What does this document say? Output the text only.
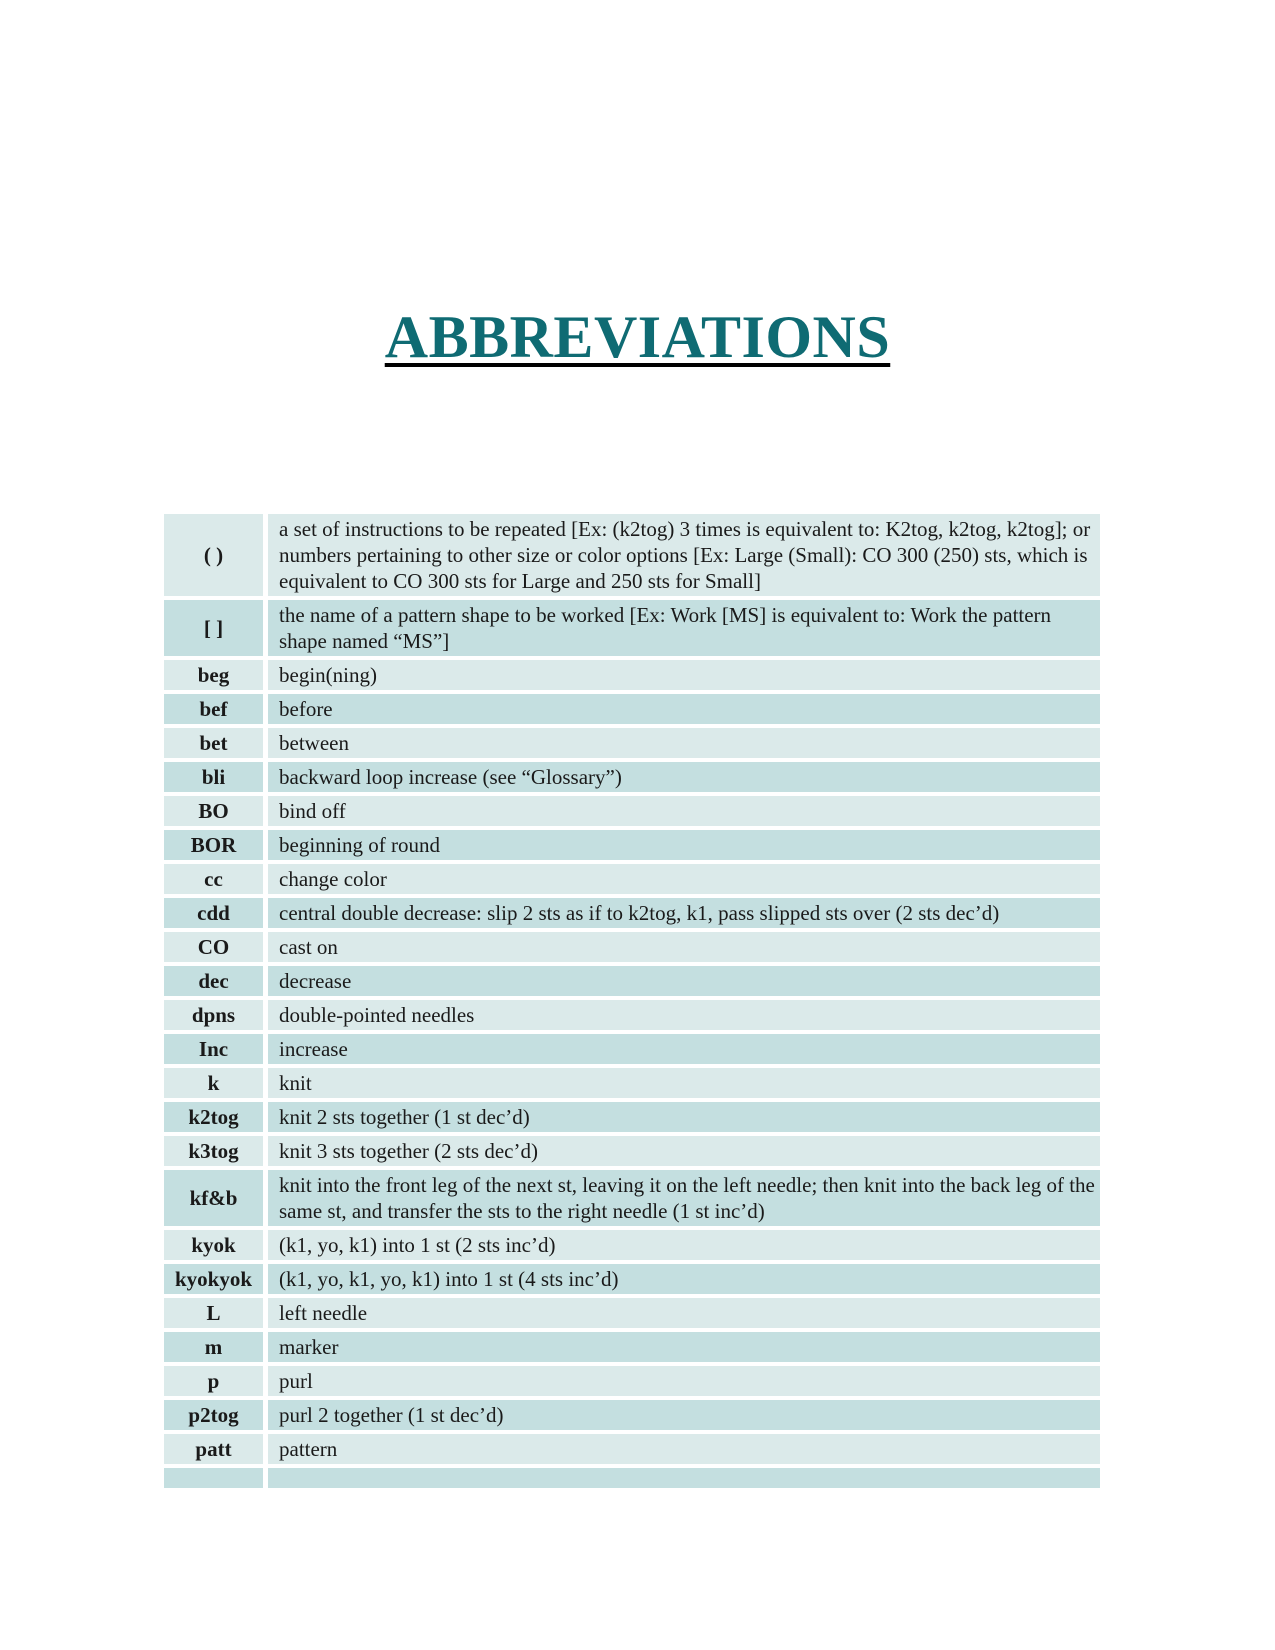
ABBREVIATIONS
( )	a set of instructions to be repeated [Ex: (k2tog) 3 times is equivalent to: K2tog, k2tog, k2tog]; or numbers pertaining to other size or color options [Ex: Large (Small): CO 300 (250) sts, which is equivalent to CO 300 sts for Large and 250 sts for Small]
[ ]	the name of a pattern shape to be worked [Ex: Work [MS] is equivalent to: Work the pattern shape named “MS”]
beg	begin(ning)
bef	before
bet	between
bli	backward loop increase (see “Glossary”)
BO	bind off
BOR	beginning of round
cc	change color
cdd	central double decrease: slip 2 sts as if to k2tog, k1, pass slipped sts over (2 sts dec’d)
CO	cast on
dec	decrease
dpns	double-pointed needles
Inc	increase
k	knit
k2tog	knit 2 sts together (1 st dec’d)
k3tog	knit 3 sts together (2 sts dec’d)
kf&b	knit into the front leg of the next st, leaving it on the left needle; then knit into the back leg of the same st, and transfer the sts to the right needle (1 st inc’d)
kyok	(k1, yo, k1) into 1 st (2 sts inc’d)
kyokyok	(k1, yo, k1, yo, k1) into 1 st (4 sts inc’d)
L	left needle
m	marker
p	purl
p2tog	purl 2 together (1 st dec’d)
patt	pattern
